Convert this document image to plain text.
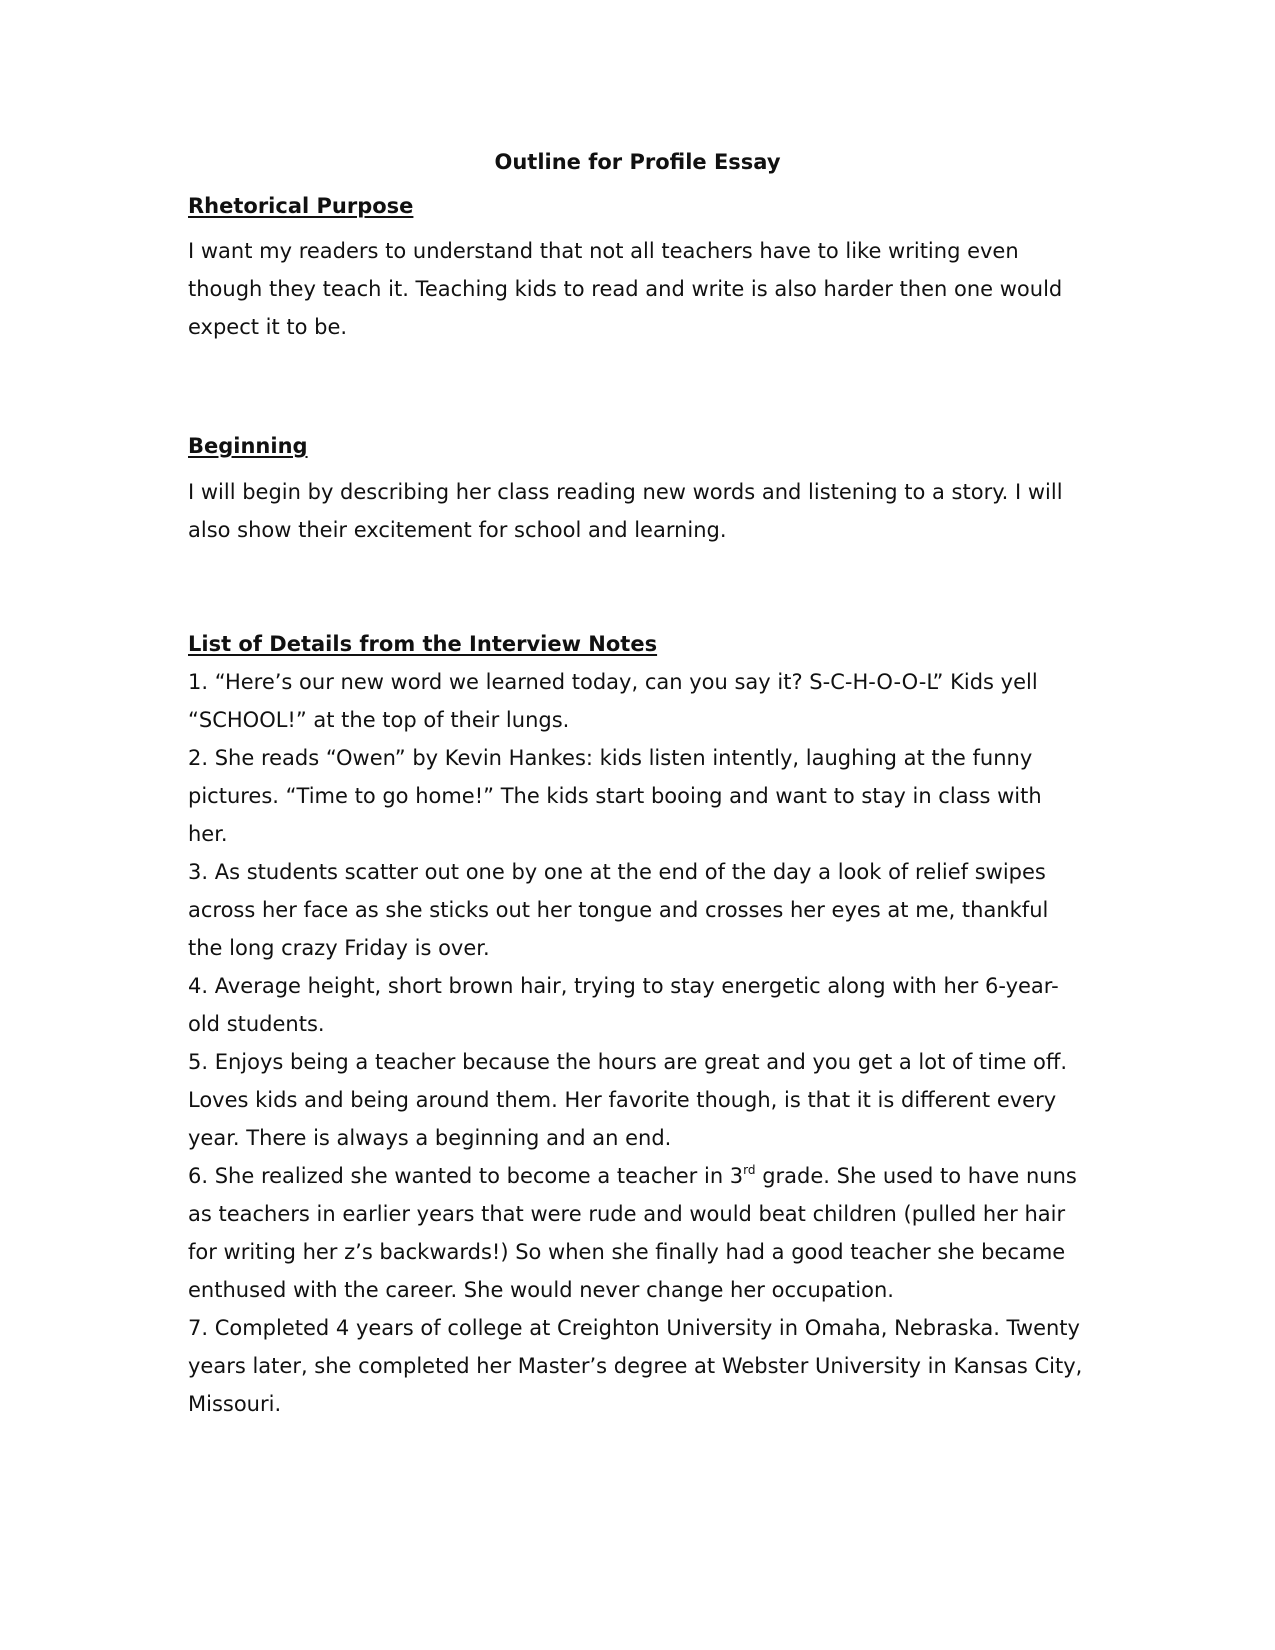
Outline for Profile Essay
Rhetorical Purpose

I want my readers to understand that not all teachers have to like writing even
though they teach it. Teaching kids to read and write is also harder then one would
expect it to be.

Beginning

I will begin by describing her class reading new words and listening to a story. I will
also show their excitement for school and learning.

List of Details from the Interview Notes

1. “Here’s our new word we learned today, can you say it? S-C-H-O-O-L” Kids yell
“SCHOOL!” at the top of their lungs.
2. She reads “Owen” by Kevin Hankes: kids listen intently, laughing at the funny
pictures. “Time to go home!” The kids start booing and want to stay in class with
her.
3. As students scatter out one by one at the end of the day a look of relief swipes
across her face as she sticks out her tongue and crosses her eyes at me, thankful
the long crazy Friday is over.
4. Average height, short brown hair, trying to stay energetic along with her 6-year-
old students.
5. Enjoys being a teacher because the hours are great and you get a lot of time off.
Loves kids and being around them. Her favorite though, is that it is different every
year. There is always a beginning and an end.
6. She realized she wanted to become a teacher in 3rd grade. She used to have nuns
as teachers in earlier years that were rude and would beat children (pulled her hair
for writing her z’s backwards!) So when she finally had a good teacher she became
enthused with the career. She would never change her occupation.
7. Completed 4 years of college at Creighton University in Omaha, Nebraska. Twenty
years later, she completed her Master’s degree at Webster University in Kansas City,
Missouri.
